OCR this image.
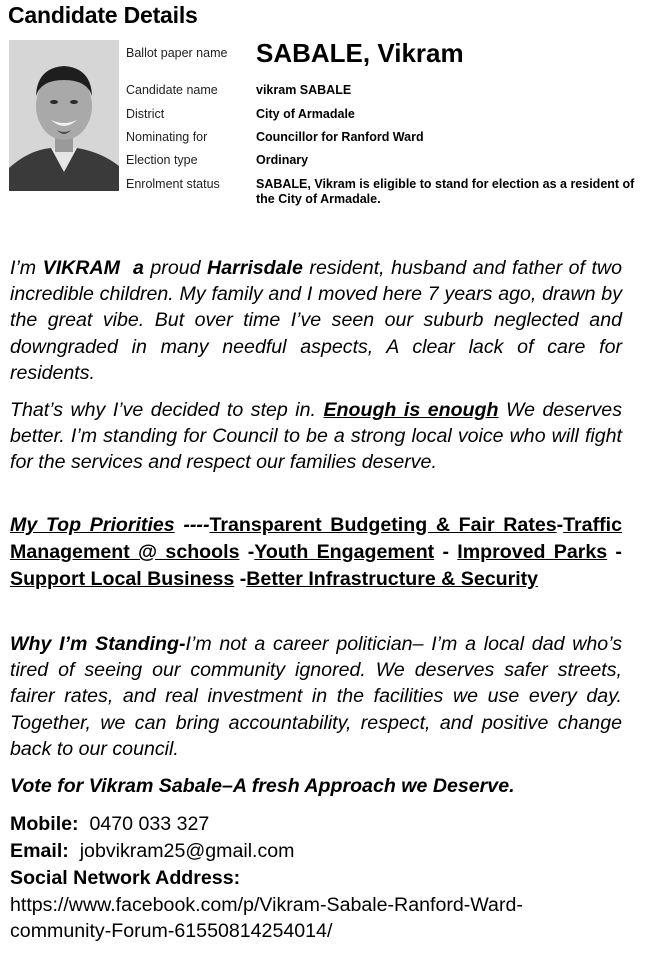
Candidate Details
Ballot paper name	SABALE, Vikram
Candidate name	vikram SABALE
District	City of Armadale
Nominating for	Councillor for Ranford Ward
Election type	Ordinary
Enrolment status	SABALE, Vikram is eligible to stand for election as a resident of the City of Armadale.
I’m VIKRAM a proud Harrisdale resident, husband and father of two incredible children. My family and I moved here 7 years ago, drawn by the great vibe. But over time I’ve seen our suburb neglected and downgraded in many needful aspects, A clear lack of care for residents.
That’s why I’ve decided to step in. Enough is enough We deserves better. I’m standing for Council to be a strong local voice who will fight for the services and respect our families deserve.
My Top Priorities ----Transparent Budgeting & Fair Rates-Traffic Management @ schools -Youth Engagement - Improved Parks -Support Local Business -Better Infrastructure & Security
Why I’m Standing-I’m not a career politician– I’m a local dad who’s tired of seeing our community ignored. We deserves safer streets, fairer rates, and real investment in the facilities we use every day. Together, we can bring accountability, respect, and positive change back to our council.
Vote for Vikram Sabale–A fresh Approach we Deserve.
Mobile: 0470 033 327
Email: jobvikram25@gmail.com
Social Network Address:
https://www.facebook.com/p/Vikram-Sabale-Ranford-Ward-
community-Forum-61550814254014/
